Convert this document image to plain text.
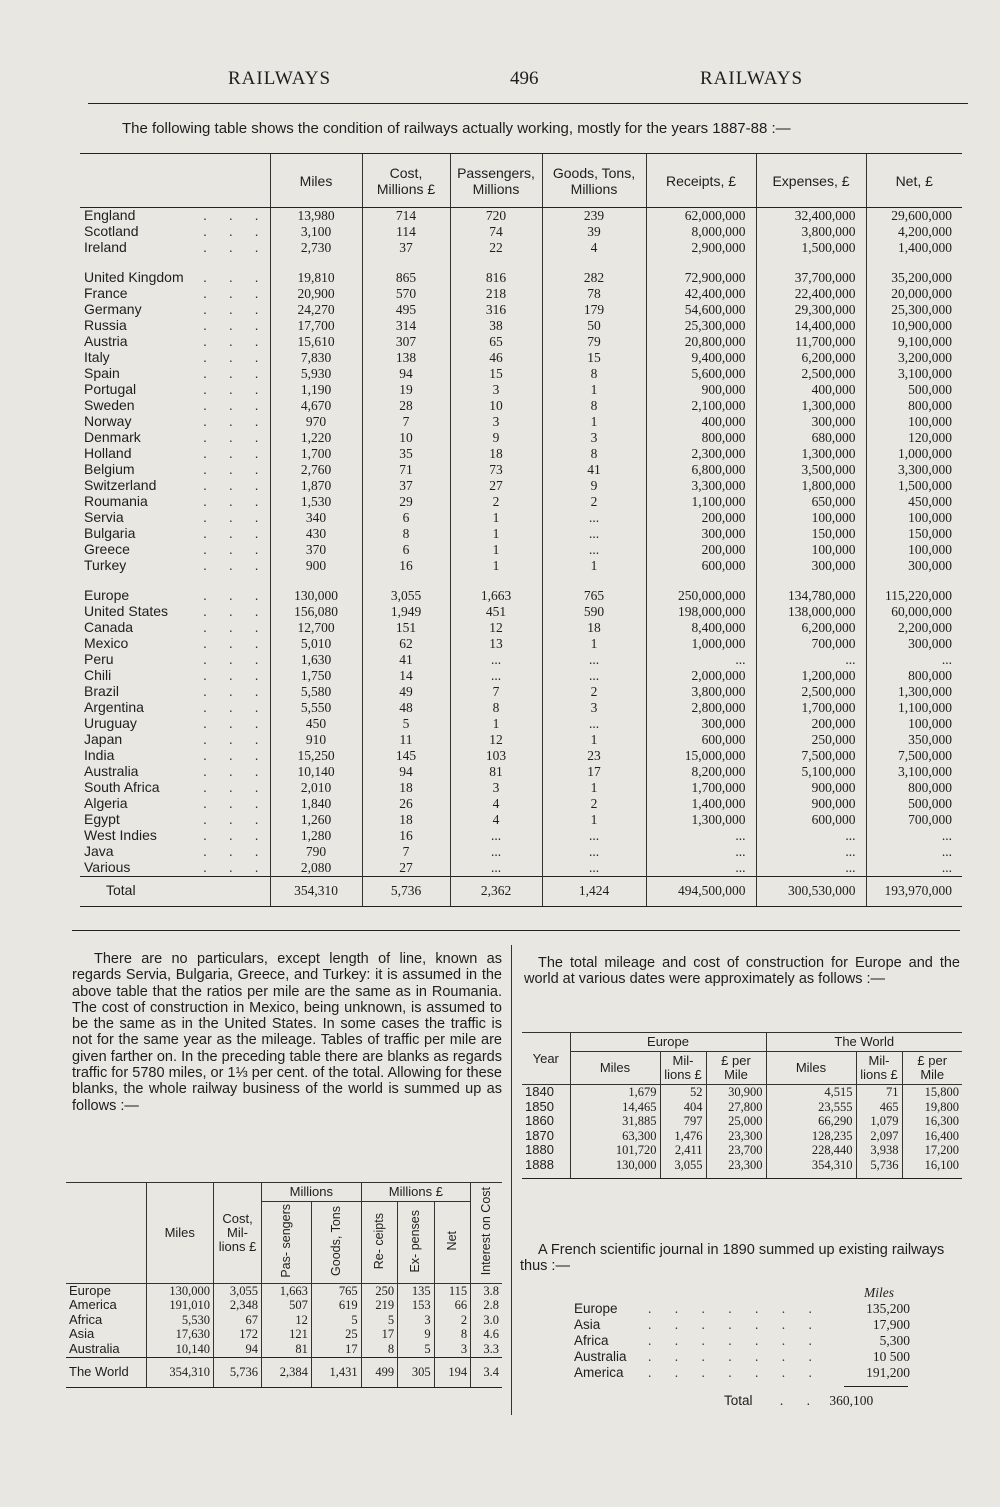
RAILWAYS	496	RAILWAYS
The following table shows the condition of railways actually working, mostly for the years 1887-88 :—
	Miles	Cost, Millions £	Passengers, Millions	Goods, Tons, Millions	Receipts, £	Expenses, £	Net, £
England . . .	13,980	714	720	239	62,000,000	32,400,000	29,600,000
Scotland . . .	3,100	114	74	39	8,000,000	3,800,000	4,200,000
Ireland . . .	2,730	37	22	4	2,900,000	1,500,000	1,400,000

United Kingdom . . .	19,810	865	816	282	72,900,000	37,700,000	35,200,000
France . . .	20,900	570	218	78	42,400,000	22,400,000	20,000,000
Germany . . .	24,270	495	316	179	54,600,000	29,300,000	25,300,000
Russia . . .	17,700	314	38	50	25,300,000	14,400,000	10,900,000
Austria . . .	15,610	307	65	79	20,800,000	11,700,000	9,100,000
Italy . . .	7,830	138	46	15	9,400,000	6,200,000	3,200,000
Spain . . .	5,930	94	15	8	5,600,000	2,500,000	3,100,000
Portugal . . .	1,190	19	3	1	900,000	400,000	500,000
Sweden . . .	4,670	28	10	8	2,100,000	1,300,000	800,000
Norway . . .	970	7	3	1	400,000	300,000	100,000
Denmark . . .	1,220	10	9	3	800,000	680,000	120,000
Holland . . .	1,700	35	18	8	2,300,000	1,300,000	1,000,000
Belgium . . .	2,760	71	73	41	6,800,000	3,500,000	3,300,000
Switzerland . . .	1,870	37	27	9	3,300,000	1,800,000	1,500,000
Roumania . . .	1,530	29	2	2	1,100,000	650,000	450,000
Servia . . .	340	6	1	...	200,000	100,000	100,000
Bulgaria . . .	430	8	1	...	300,000	150,000	150,000
Greece . . .	370	6	1	...	200,000	100,000	100,000
Turkey . . .	900	16	1	1	600,000	300,000	300,000

Europe . . .	130,000	3,055	1,663	765	250,000,000	134,780,000	115,220,000
United States . . .	156,080	1,949	451	590	198,000,000	138,000,000	60,000,000
Canada . . .	12,700	151	12	18	8,400,000	6,200,000	2,200,000
Mexico . . .	5,010	62	13	1	1,000,000	700,000	300,000
Peru . . .	1,630	41	...	...	...	...	...
Chili . . .	1,750	14	...	...	2,000,000	1,200,000	800,000
Brazil . . .	5,580	49	7	2	3,800,000	2,500,000	1,300,000
Argentina . . .	5,550	48	8	3	2,800,000	1,700,000	1,100,000
Uruguay . . .	450	5	1	...	300,000	200,000	100,000
Japan . . .	910	11	12	1	600,000	250,000	350,000
India . . .	15,250	145	103	23	15,000,000	7,500,000	7,500,000
Australia . . .	10,140	94	81	17	8,200,000	5,100,000	3,100,000
South Africa . . .	2,010	18	3	1	1,700,000	900,000	800,000
Algeria . . .	1,840	26	4	2	1,400,000	900,000	500,000
Egypt . . .	1,260	18	4	1	1,300,000	600,000	700,000
West Indies . . .	1,280	16	...	...	...	...	...
Java . . .	790	7	...	...	...	...	...
Various . . .	2,080	27	...	...	...	...	...
Total	354,310	5,736	2,362	1,424	494,500,000	300,530,000	193,970,000
There are no particulars, except length of line, known as regards Servia, Bulgaria, Greece, and Turkey: it is assumed in the above table that the ratios per mile are the same as in Roumania. The cost of construction in Mexico, being unknown, is assumed to be the same as in the United States. In some cases the traffic is not for the same year as the mileage. Tables of traffic per mile are given farther on. In the preceding table there are blanks as regards traffic for 5780 miles, or 1⅓ per cent. of the total. Allowing for these blanks, the whole railway business of the world is summed up as follows :—
	Miles	Cost, Mil- lions £	Millions		Millions £			Interest on Cost
			Pas- sengers	Goods, Tons	Re- ceipts	Ex- penses	Net	
Europe	130,000	3,055	1,663	765	250	135	115	3.8
America	191,010	2,348	507	619	219	153	66	2.8
Africa	5,530	67	12	5	5	3	2	3.0
Asia	17,630	172	121	25	17	9	8	4.6
Australia	10,140	94	81	17	8	5	3	3.3
The World	354,310	5,736	2,384	1,431	499	305	194	3.4
The total mileage and cost of construction for Europe and the world at various dates were approximately as follows :—
Year	Europe			The World		
	Miles	Mil- lions £	£ per Mile	Miles	Mil- lions £	£ per Mile
1840	1,679	52	30,900	4,515	71	15,800
1850	14,465	404	27,800	23,555	465	19,800
1860	31,885	797	25,000	66,290	1,079	16,300
1870	63,300	1,476	23,300	128,235	2,097	16,400
1880	101,720	2,411	23,700	228,440	3,938	17,200
1888	130,000	3,055	23,300	354,310	5,736	16,100

A French scientific journal in 1890 summed up existing railways thus :—
Miles
Europe . . . . . . .	135,200
Asia	. . . . . . .	17,900
Africa	. . . . . . .	5,300
Australia . . . . . . .	10 500
America . . . . . . .	191,200
Total . . 360,100
